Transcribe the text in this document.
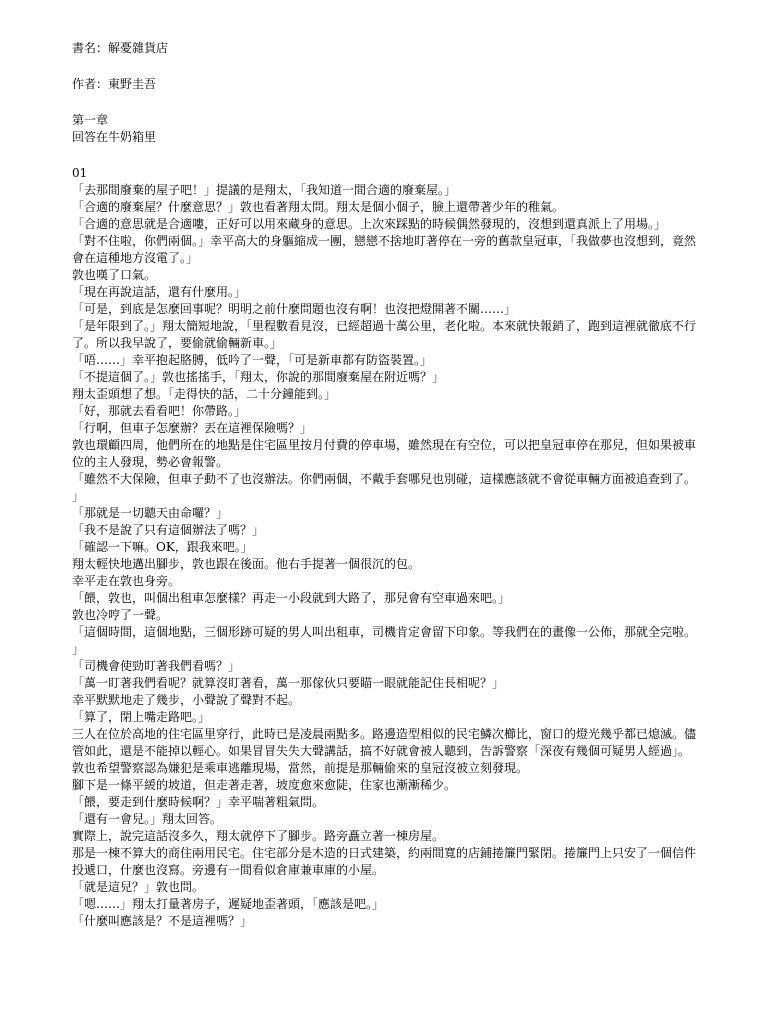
書名：解憂雜貨店

作者：東野圭吾

第一章

回答在牛奶箱里

01

「去那間廢棄的屋子吧！」提議的是翔太，「我知道一間合適的廢棄屋。」

「合適的廢棄屋？什麼意思？」敦也看著翔太問。翔太是個小個子，臉上還帶著少年的稚氣。

「合適的意思就是合適嘍，正好可以用來藏身的意思。上次來踩點的時候偶然發現的，沒想到還真派上了用場。」

「對不住啦，你們兩個。」幸平高大的身軀縮成一團，戀戀不捨地盯著停在一旁的舊款皇冠車，「我做夢也沒想到，竟然會在這種地方沒電了。」

敦也嘆了口氣。

「現在再說這話，還有什麼用。」

「可是，到底是怎麼回事呢？明明之前什麼問題也沒有啊！也沒把燈開著不關……」

「是年限到了。」翔太簡短地說，「里程數看見沒，已經超過十萬公里，老化啦。本來就快報銷了，跑到這裡就徹底不行了。所以我早說了，要偷就偷輛新車。」

「唔……」幸平抱起胳膊，低吟了一聲，「可是新車都有防盜裝置。」

「不提這個了。」敦也搖搖手，「翔太，你說的那間廢棄屋在附近嗎？」

翔太歪頭想了想。「走得快的話，二十分鐘能到。」

「好，那就去看看吧！你帶路。」

「行啊，但車子怎麼辦？丟在這裡保險嗎？」

敦也環顧四周，他們所在的地點是住宅區里按月付費的停車場，雖然現在有空位，可以把皇冠車停在那兒，但如果被車位的主人發現，勢必會報警。

「雖然不大保險，但車子動不了也沒辦法。你們兩個，不戴手套哪兒也別碰，這樣應該就不會從車輛方面被追查到了。」

「那就是一切聽天由命囉？」

「我不是說了只有這個辦法了嗎？」

「確認一下嘛。OK，跟我來吧。」

翔太輕快地邁出腳步，敦也跟在後面。他右手提著一個很沉的包。

幸平走在敦也身旁。

「餵，敦也，叫個出租車怎麼樣？再走一小段就到大路了，那兒會有空車過來吧。」

敦也冷哼了一聲。

「這個時間，這個地點，三個形跡可疑的男人叫出租車，司機肯定會留下印象。等我們在的畫像一公佈，那就全完啦。」

「司機會使勁盯著我們看嗎？」

「萬一盯著我們看呢？就算沒盯著看，萬一那傢伙只要瞄一眼就能記住長相呢？」

幸平默默地走了幾步，小聲說了聲對不起。

「算了，閉上嘴走路吧。」

三人在位於高地的住宅區里穿行，此時已是凌晨兩點多。路邊造型相似的民宅鱗次櫛比，窗口的燈光幾乎都已熄滅。儘管如此，還是不能掉以輕心。如果冒冒失失大聲講話，搞不好就會被人聽到，告訴警察「深夜有幾個可疑男人經過」。敦也希望警察認為嫌犯是乘車逃離現場，當然，前提是那輛偷來的皇冠沒被立刻發現。

腳下是一條平緩的坡道，但走著走著，坡度愈來愈陡，住家也漸漸稀少。

「餵，要走到什麼時候啊？」幸平喘著粗氣問。

「還有一會兒。」翔太回答。

實際上，說完這話沒多久，翔太就停下了腳步。路旁矗立著一棟房屋。

那是一棟不算大的商住兩用民宅。住宅部分是木造的日式建築，約兩間寬的店鋪捲簾門緊閉。捲簾門上只安了一個信件投遞口，什麼也沒寫。旁邊有一間看似倉庫兼車庫的小屋。

「就是這兒？」敦也問。

「嗯……」翔太打量著房子，遲疑地歪著頭，「應該是吧。」

「什麼叫應該是？不是這裡嗎？」
